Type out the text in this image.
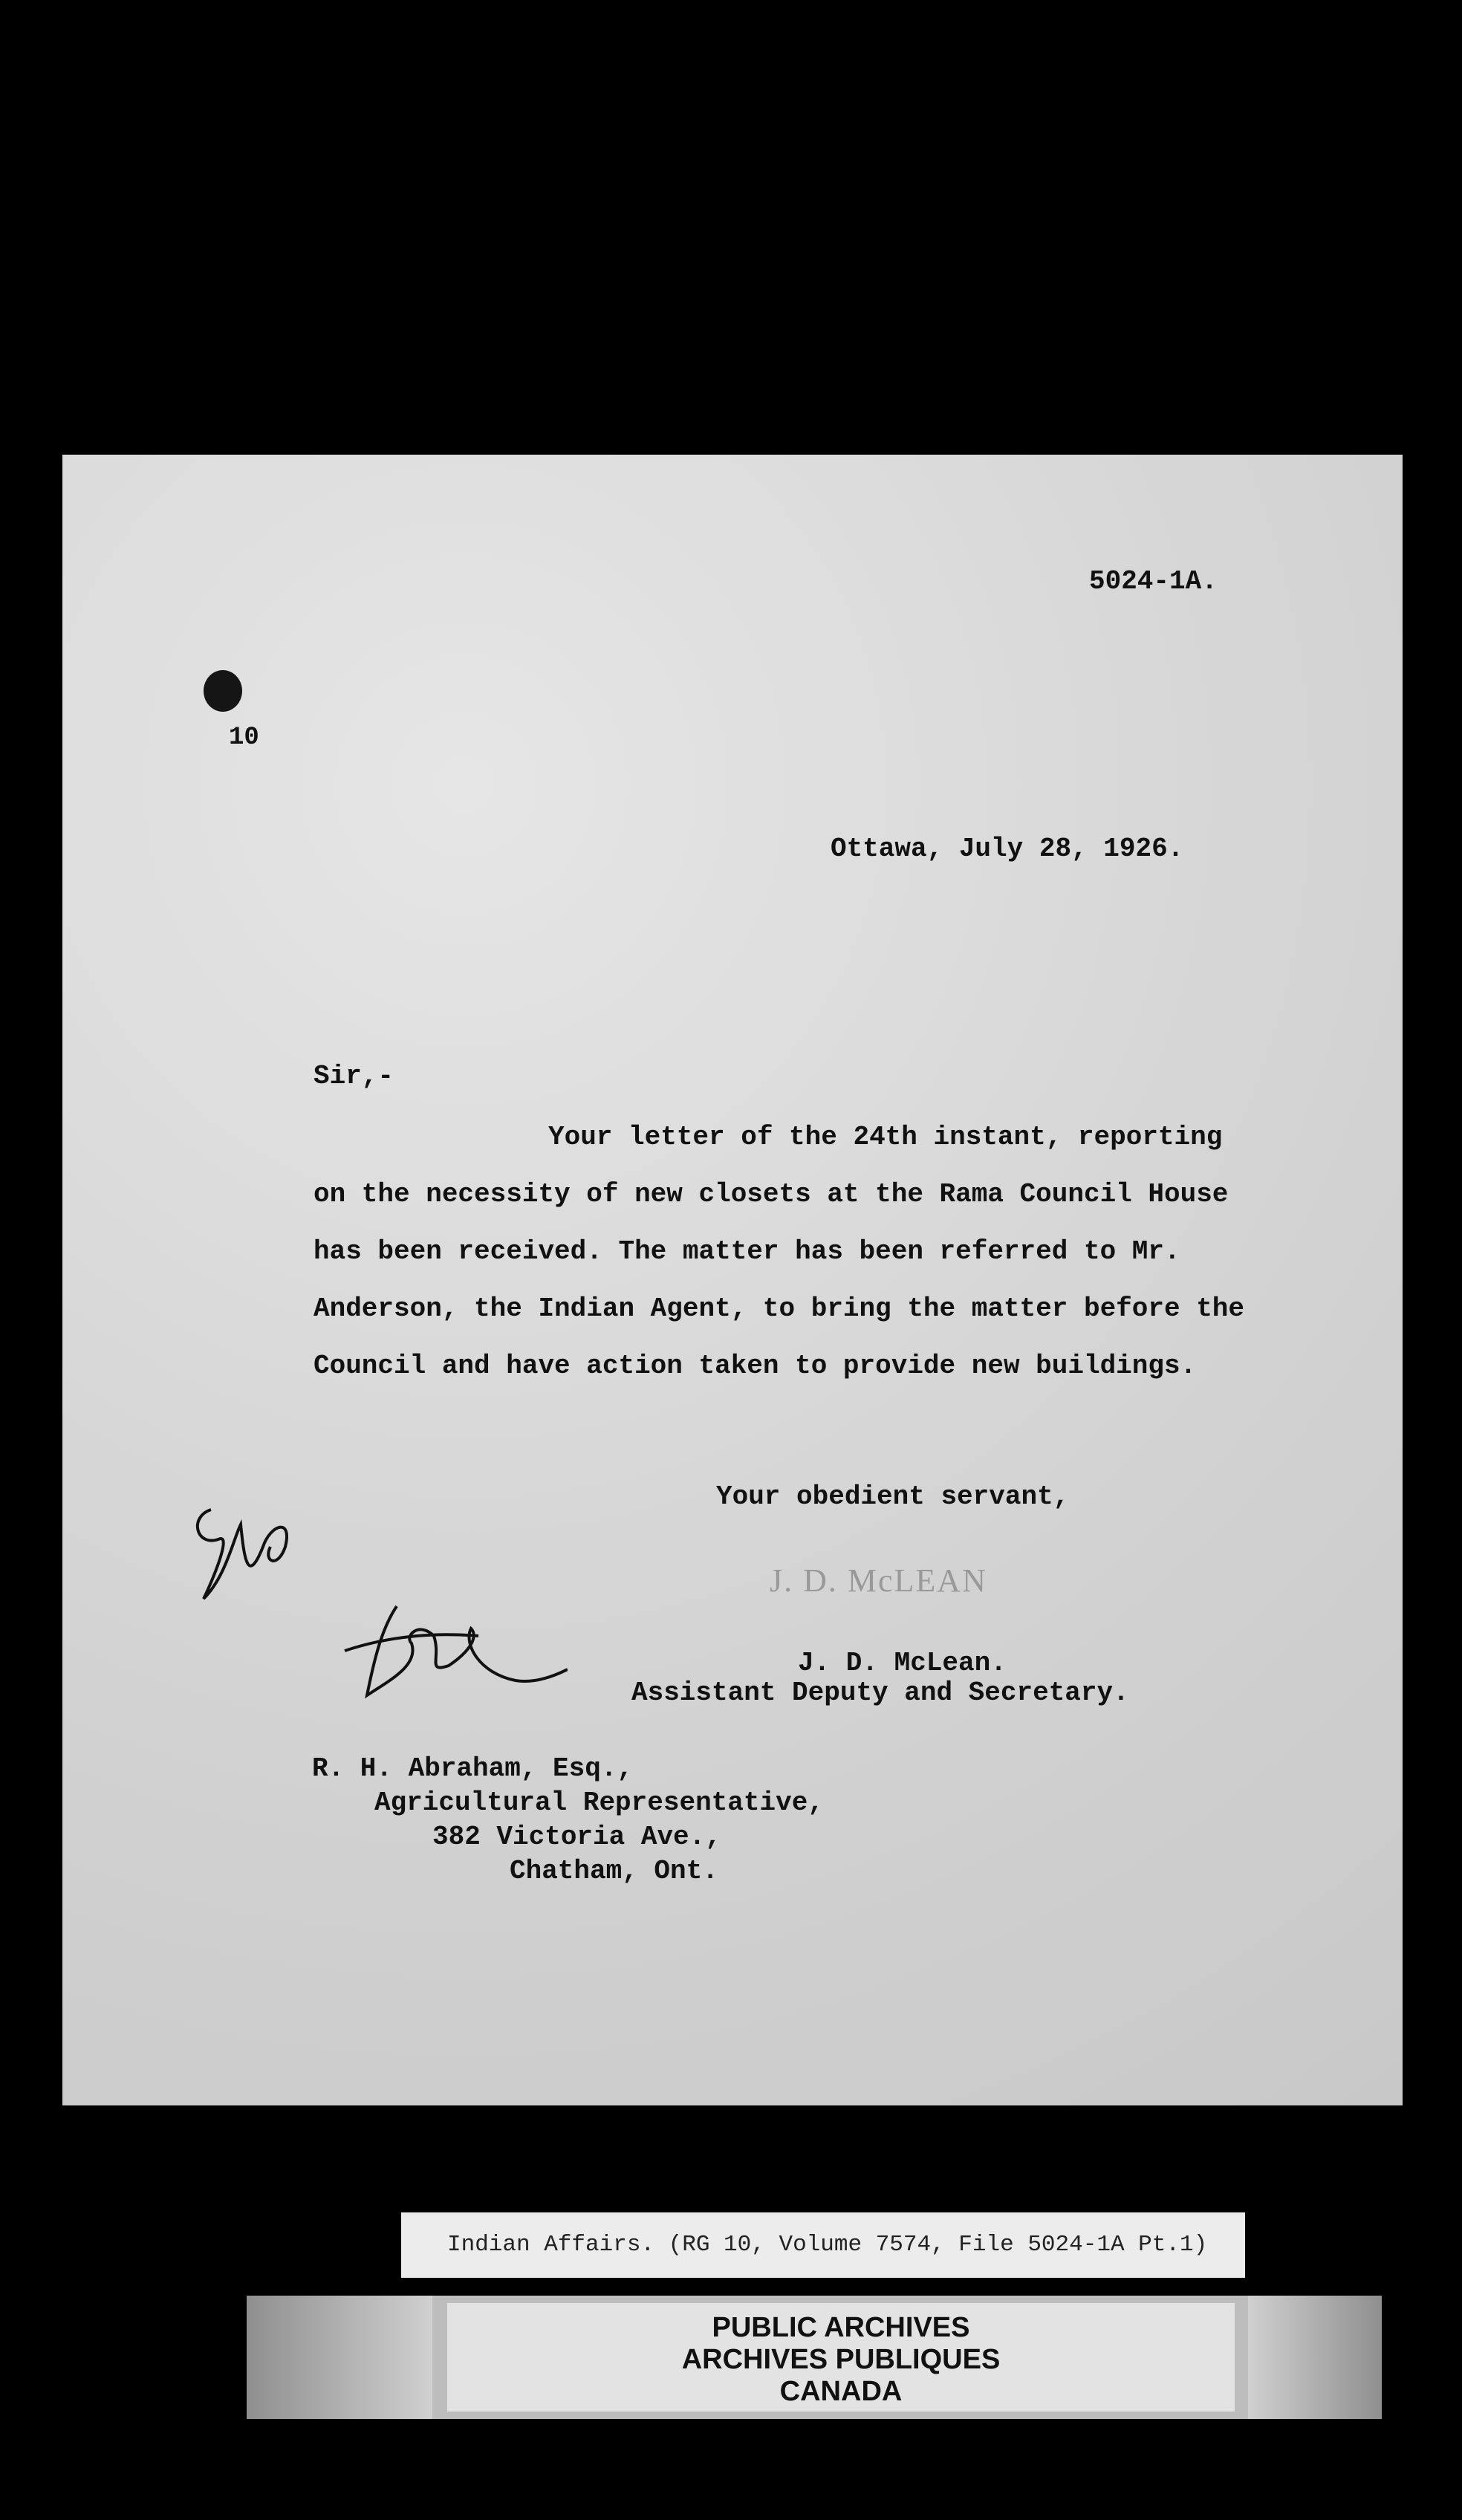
5024-1A.
10
Ottawa, July 28, 1926.
Sir,-
Your letter of the 24th instant, reporting
on the necessity of new closets at the Rama Council House
has been received. The matter has been referred to Mr.
Anderson, the Indian Agent, to bring the matter before the
Council and have action taken to provide new buildings.
Your obedient servant,
J. D. McLEAN
J. D. McLean.
Assistant Deputy and Secretary.
R. H. Abraham, Esq.,
Agricultural Representative,
382 Victoria Ave.,
Chatham, Ont.
Indian Affairs. (RG 10, Volume 7574, File 5024-1A Pt.1)
PUBLIC ARCHIVES
ARCHIVES PUBLIQUES
CANADA
